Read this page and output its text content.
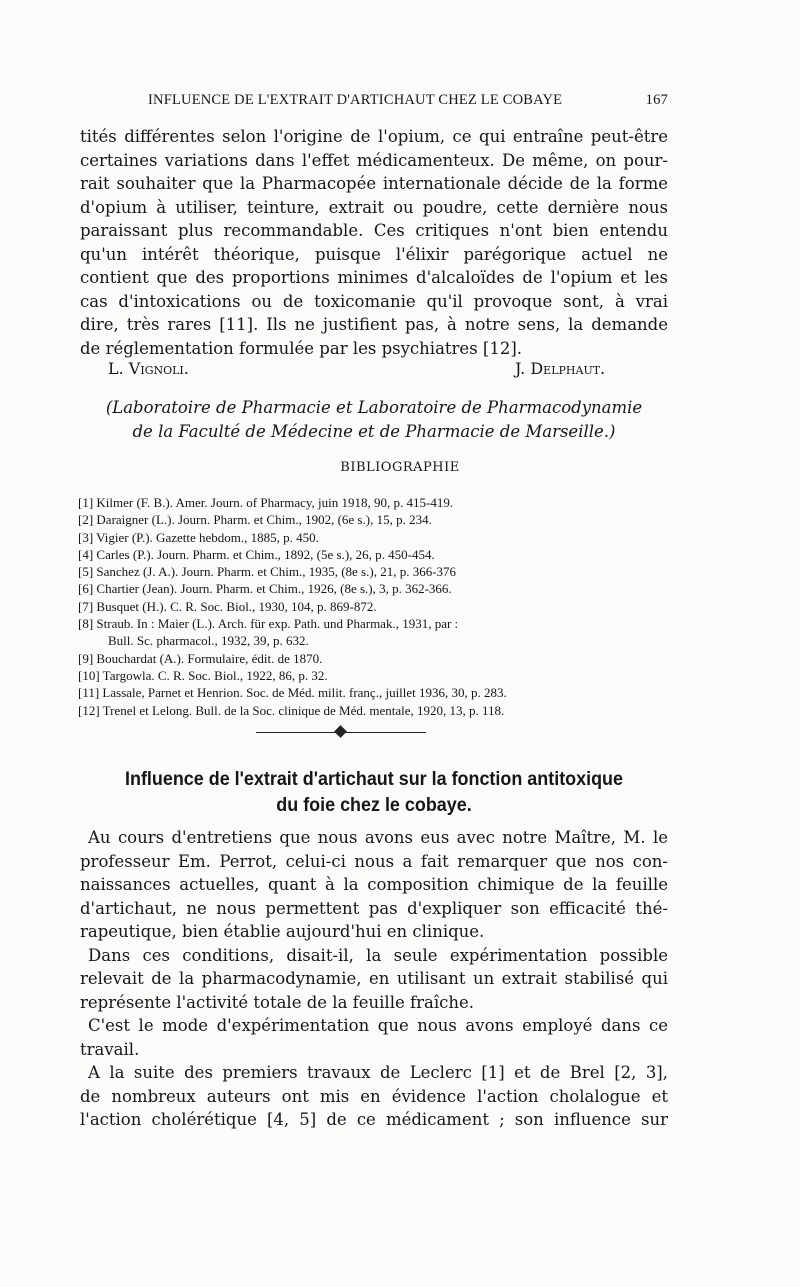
INFLUENCE DE L'EXTRAIT D'ARTICHAUT CHEZ LE COBAYE	167
tités différentes selon l'origine de l'opium, ce qui entraîne peut-être
certaines variations dans l'effet médicamenteux. De même, on pour-
rait souhaiter que la Pharmacopée internationale décide de la forme
d'opium à utiliser, teinture, extrait ou poudre, cette dernière nous
paraissant plus recommandable. Ces critiques n'ont bien entendu
qu'un intérêt théorique, puisque l'élixir parégorique actuel ne
contient que des proportions minimes d'alcaloïdes de l'opium et les
cas d'intoxications ou de toxicomanie qu'il provoque sont, à vrai
dire, très rares [11]. Ils ne justifient pas, à notre sens, la demande
de réglementation formulée par les psychiatres [12].
L. Vignoli.	J. Delphaut.
(Laboratoire de Pharmacie et Laboratoire de Pharmacodynamie
de la Faculté de Médecine et de Pharmacie de Marseille.)
BIBLIOGRAPHIE
[1] Kilmer (F. B.). Amer. Journ. of Pharmacy, juin 1918, 90, p. 415-419.
[2] Daraigner (L.). Journ. Pharm. et Chim., 1902, (6e s.), 15, p. 234.
[3] Vigier (P.). Gazette hebdom., 1885, p. 450.
[4] Carles (P.). Journ. Pharm. et Chim., 1892, (5e s.), 26, p. 450-454.
[5] Sanchez (J. A.). Journ. Pharm. et Chim., 1935, (8e s.), 21, p. 366-376
[6] Chartier (Jean). Journ. Pharm. et Chim., 1926, (8e s.), 3, p. 362-366.
[7] Busquet (H.). C. R. Soc. Biol., 1930, 104, p. 869-872.
[8] Straub. In : Maier (L.). Arch. für exp. Path. und Pharmak., 1931, par :
Bull. Sc. pharmacol., 1932, 39, p. 632.
[9] Bouchardat (A.). Formulaire, édit. de 1870.
[10] Targowla. C. R. Soc. Biol., 1922, 86, p. 32.
[11] Lassale, Parnet et Henrion. Soc. de Méd. milit. franç., juillet 1936, 30, p. 283.
[12] Trenel et Lelong. Bull. de la Soc. clinique de Méd. mentale, 1920, 13, p. 118.
Influence de l'extrait d'artichaut sur la fonction antitoxique
du foie chez le cobaye.
Au cours d'entretiens que nous avons eus avec notre Maître, M. le
professeur Em. Perrot, celui-ci nous a fait remarquer que nos con-
naissances actuelles, quant à la composition chimique de la feuille
d'artichaut, ne nous permettent pas d'expliquer son efficacité thé-
rapeutique, bien établie aujourd'hui en clinique.
Dans ces conditions, disait-il, la seule expérimentation possible
relevait de la pharmacodynamie, en utilisant un extrait stabilisé qui
représente l'activité totale de la feuille fraîche.
C'est le mode d'expérimentation que nous avons employé dans ce
travail.
A la suite des premiers travaux de Leclerc [1] et de Brel [2, 3],
de nombreux auteurs ont mis en évidence l'action cholalogue et
l'action cholérétique [4, 5] de ce médicament ; son influence sur
